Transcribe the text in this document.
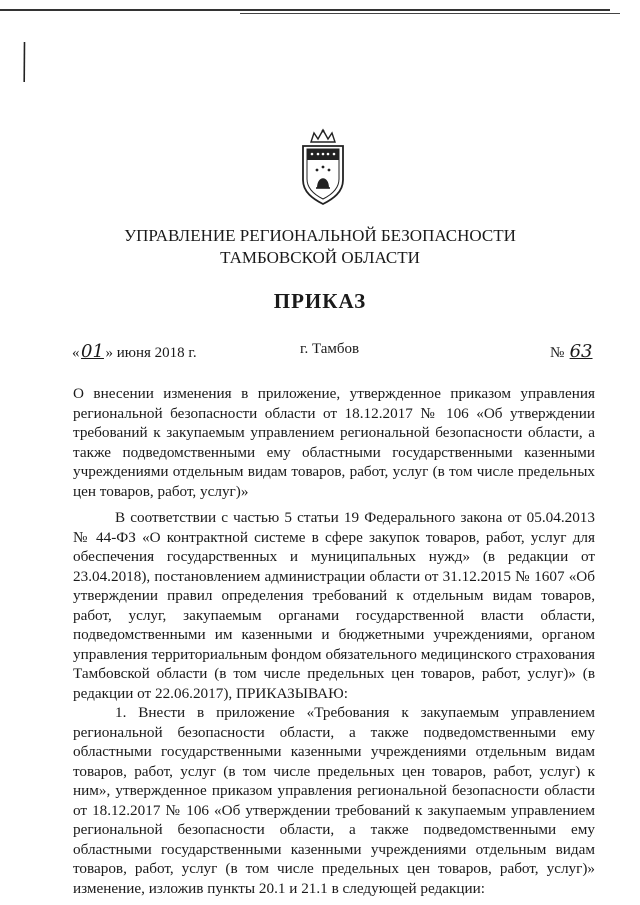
УПРАВЛЕНИЕ РЕГИОНАЛЬНОЙ БЕЗОПАСНОСТИ
ТАМБОВСКОЙ ОБЛАСТИ
ПРИКАЗ
«01 » июня 2018 г.	г. Тамбов	№ 63
О внесении изменения в приложение, утвержденное приказом управления региональной безопасности области от 18.12.2017 № 106 «Об утверждении требований к закупаемым управлением региональной безопасности области, а также подведомственными ему областными государственными казенными учреждениями отдельным видам товаров, работ, услуг (в том числе предельных цен товаров, работ, услуг)»

В соответствии с частью 5 статьи 19 Федерального закона от 05.04.2013 № 44-ФЗ «О контрактной системе в сфере закупок товаров, работ, услуг для обеспечения государственных и муниципальных нужд» (в редакции от 23.04.2018), постановлением администрации области от 31.12.2015 № 1607 «Об утверждении правил определения требований к отдельным видам товаров, работ, услуг, закупаемым органами государственной власти области, подведомственными им казенными и бюджетными учреждениями, органом управления территориальным фондом обязательного медицинского страхования Тамбовской области (в том числе предельных цен товаров, работ, услуг)» (в редакции от 22.06.2017), ПРИКАЗЫВАЮ:

1. Внести в приложение «Требования к закупаемым управлением региональной безопасности области, а также подведомственными ему областными государственными казенными учреждениями отдельным видам товаров, работ, услуг (в том числе предельных цен товаров, работ, услуг) к ним», утвержденное приказом управления региональной безопасности области от 18.12.2017 № 106 «Об утверждении требований к закупаемым управлением региональной безопасности области, а также подведомственными ему областными государственными казенными учреждениями отдельным видам товаров, работ, услуг (в том числе предельных цен товаров, работ, услуг)» изменение, изложив пункты 20.1 и 21.1 в следующей редакции:
